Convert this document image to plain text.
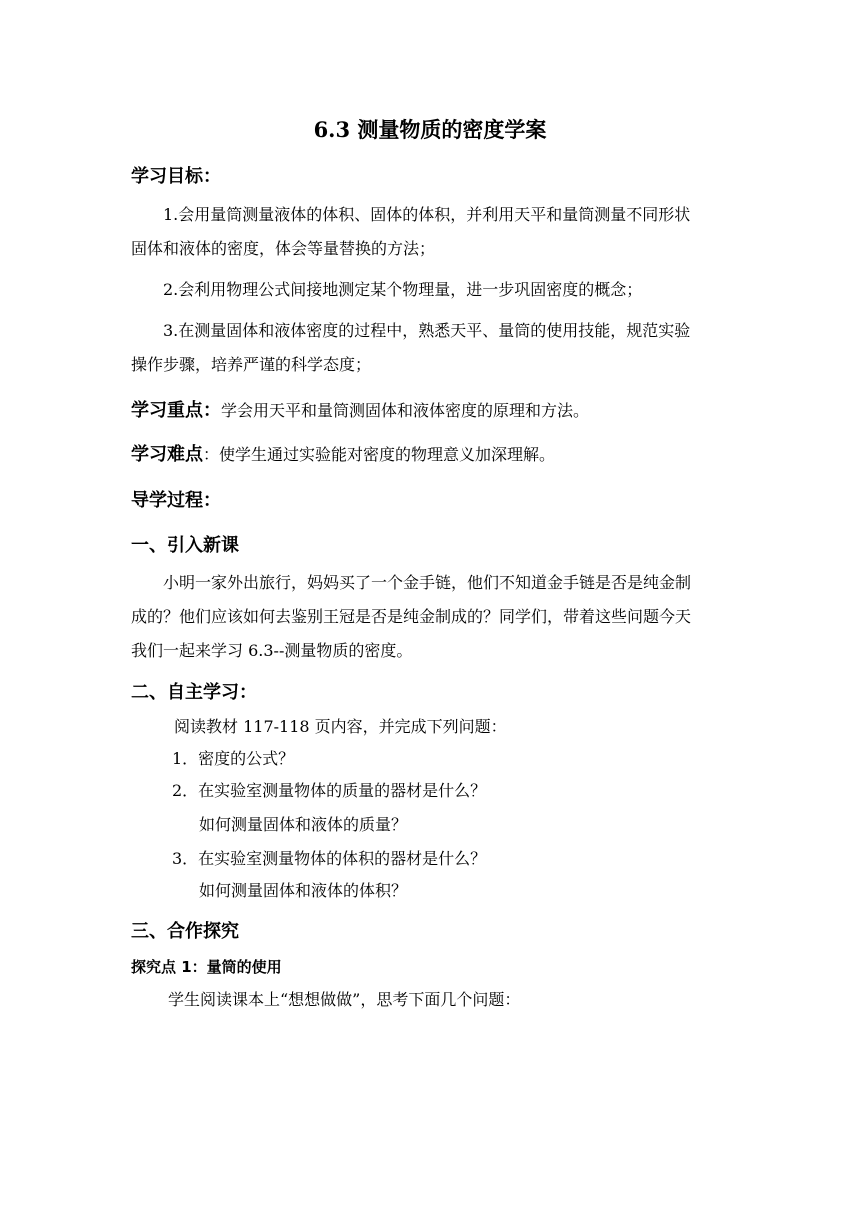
6.3 测量物质的密度学案
学习目标：
1.会用量筒测量液体的体积、固体的体积，并利用天平和量筒测量不同形状
固体和液体的密度，体会等量替换的方法；
2.会利用物理公式间接地测定某个物理量，进一步巩固密度的概念；
3.在测量固体和液体密度的过程中，熟悉天平、量筒的使用技能，规范实验
操作步骤，培养严谨的科学态度；
学习重点：学会用天平和量筒测固体和液体密度的原理和方法。
学习难点：使学生通过实验能对密度的物理意义加深理解。
导学过程：
一、引入新课
小明一家外出旅行，妈妈买了一个金手链，他们不知道金手链是否是纯金制
成的？他们应该如何去鉴别王冠是否是纯金制成的？同学们，带着这些问题今天
我们一起来学习 6.3--测量物质的密度。
二、自主学习：
阅读教材 117-118 页内容，并完成下列问题：
1．密度的公式？
2．在实验室测量物体的质量的器材是什么？
如何测量固体和液体的质量？
3．在实验室测量物体的体积的器材是什么？
如何测量固体和液体的体积？
三、合作探究
探究点 1：量筒的使用
学生阅读课本上“想想做做”，思考下面几个问题：
